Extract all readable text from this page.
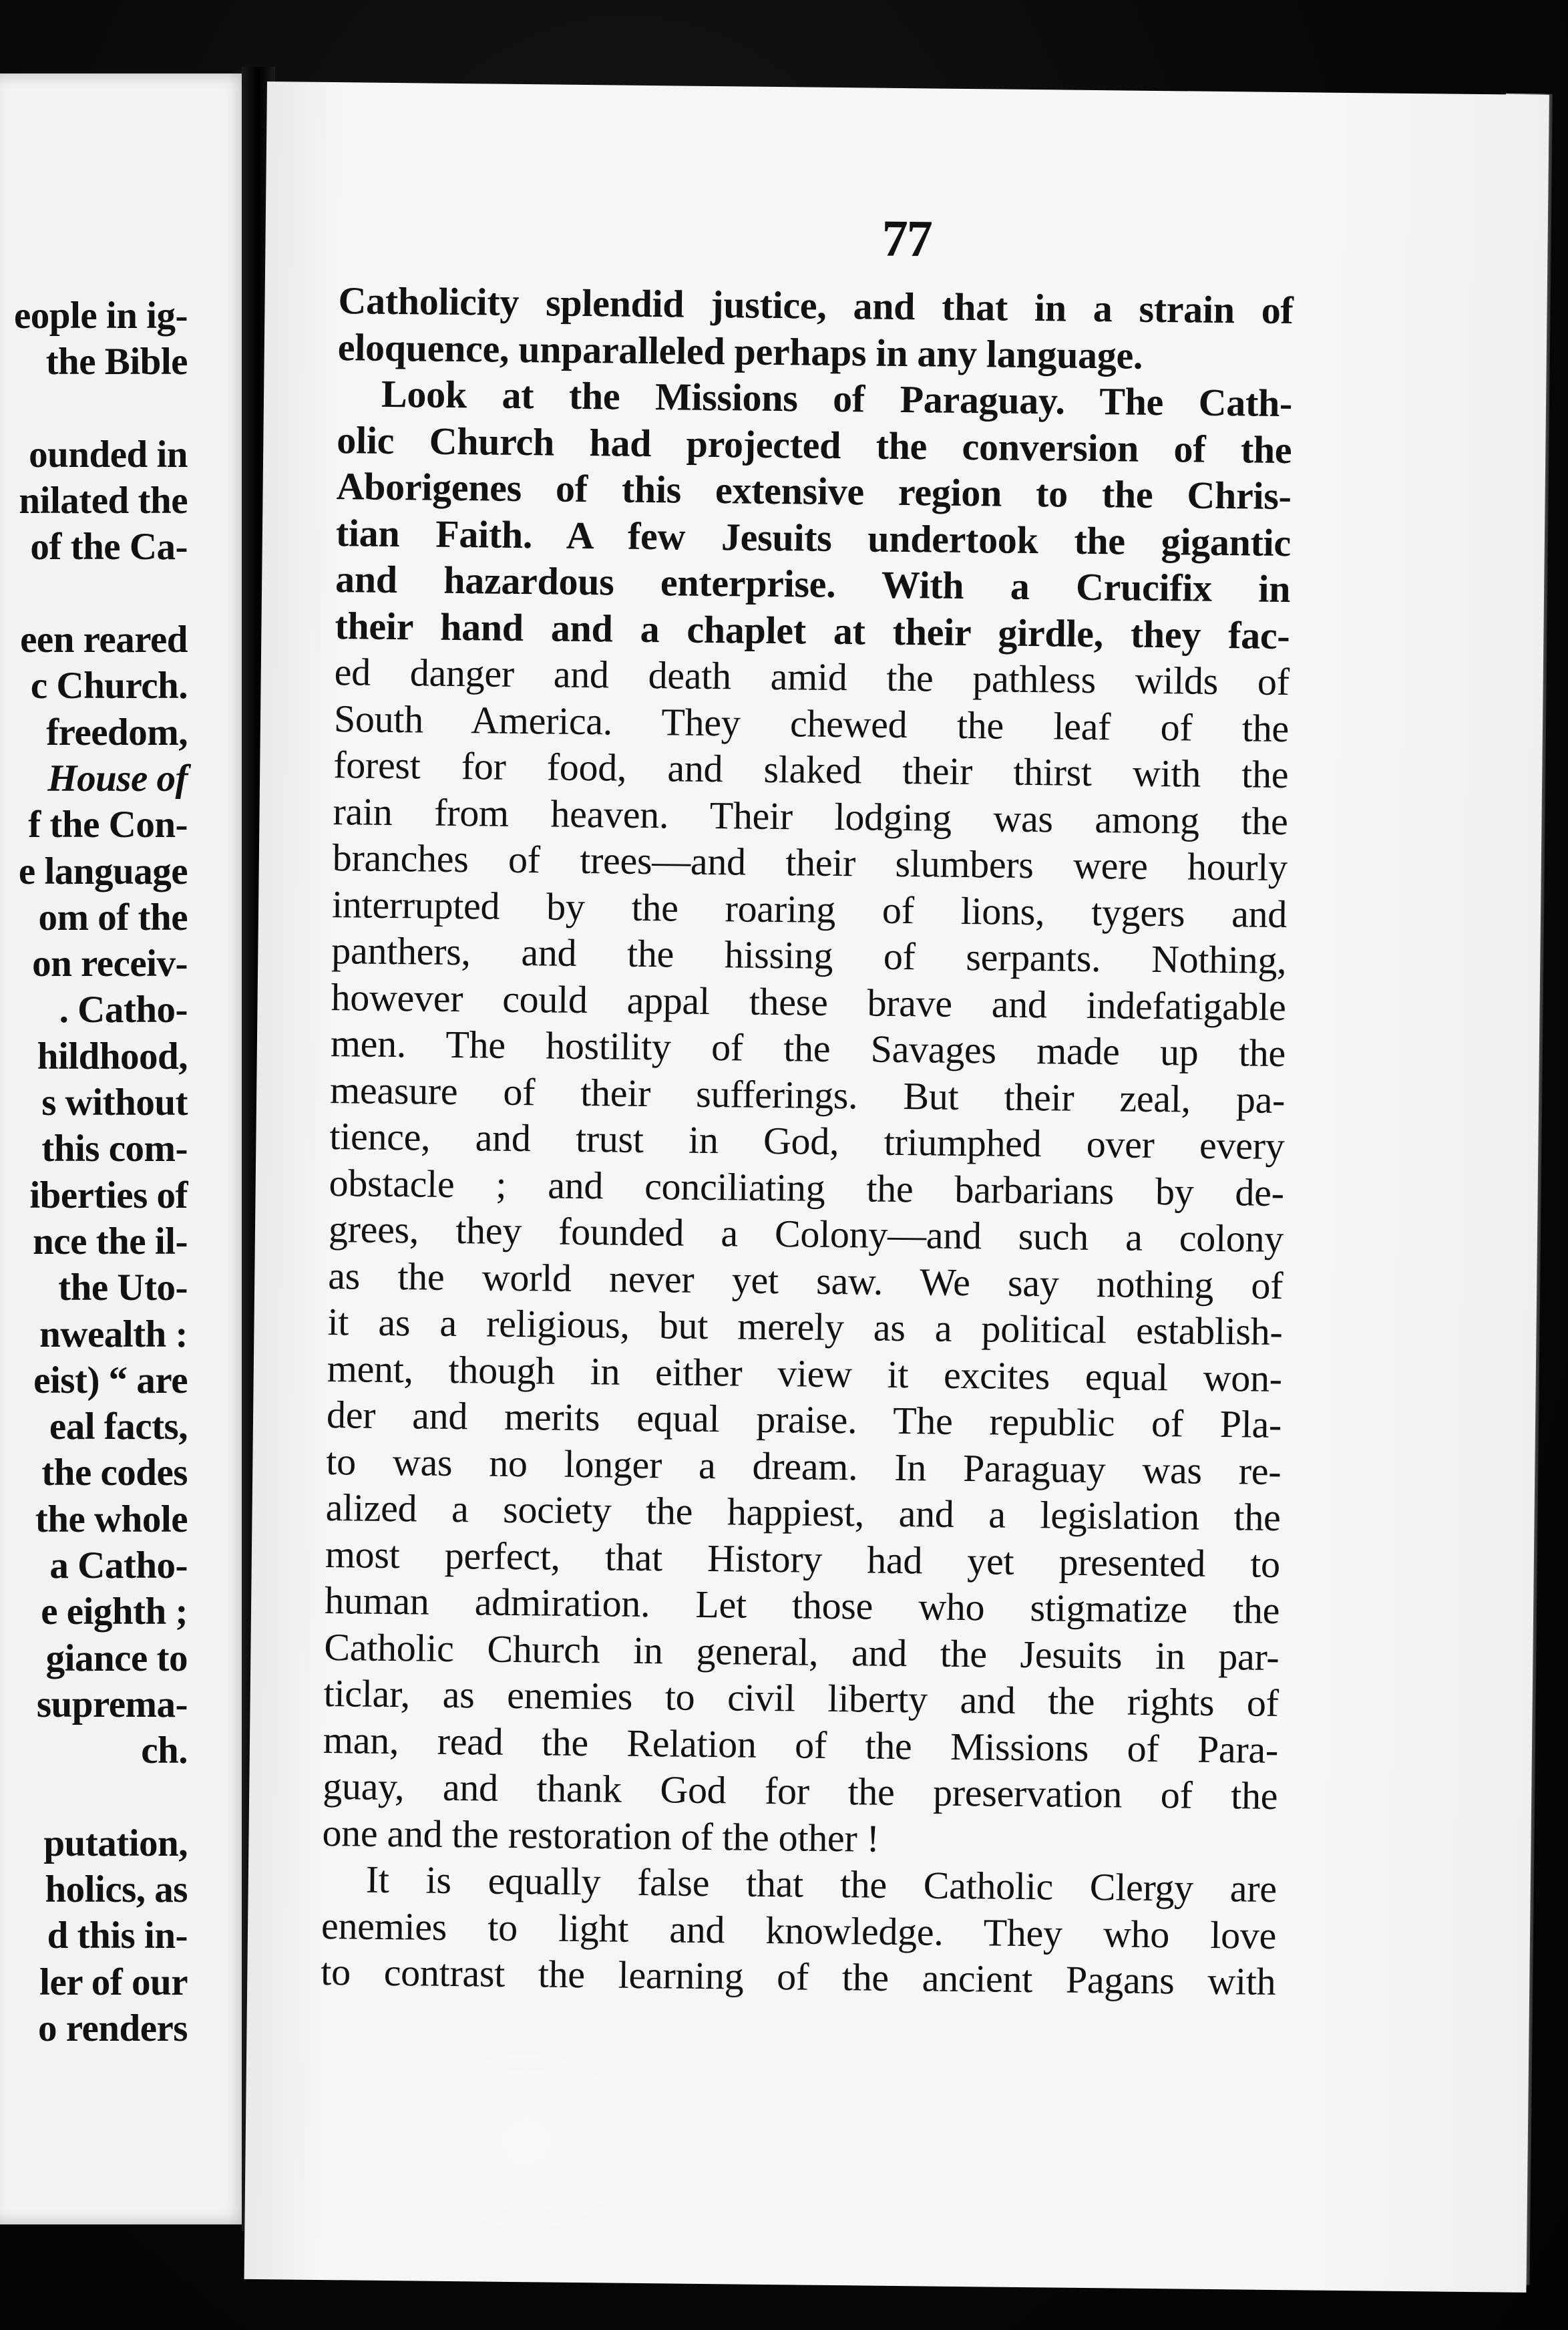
eople in ig-
the Bible
ounded in
nilated the
of the Ca-
een reared
c Church.
freedom,
House of
f the Con-
e language
om of the
on receiv-
. Catho-
hildhood,
s without
this com-
iberties of
nce the il-
the Uto-
nwealth :
eist) “ are
eal facts,
the codes
the whole
a Catho-
e eighth ;
giance to
suprema-
ch.
putation,
holics, as
d this in-
ler of our
o renders
77
Catholicity splendid justice, and that in a strain of
eloquence, unparalleled perhaps in any language.
Look at the Missions of Paraguay. The Cath-
olic Church had projected the conversion of the
Aborigenes of this extensive region to the Chris-
tian Faith. A few Jesuits undertook the gigantic
and hazardous enterprise. With a Crucifix in
their hand and a chaplet at their girdle, they fac-
ed danger and death amid the pathless wilds of
South America. They chewed the leaf of the
forest for food, and slaked their thirst with the
rain from heaven. Their lodging was among the
branches of trees—and their slumbers were hourly
interrupted by the roaring of lions, tygers and
panthers, and the hissing of serpants. Nothing,
however could appal these brave and indefatigable
men. The hostility of the Savages made up the
measure of their sufferings. But their zeal, pa-
tience, and trust in God, triumphed over every
obstacle ; and conciliating the barbarians by de-
grees, they founded a Colony—and such a colony
as the world never yet saw. We say nothing of
it as a religious, but merely as a political establish-
ment, though in either view it excites equal won-
der and merits equal praise. The republic of Pla-
to was no longer a dream. In Paraguay was re-
alized a society the happiest, and a legislation the
most perfect, that History had yet presented to
human admiration. Let those who stigmatize the
Catholic Church in general, and the Jesuits in par-
ticlar, as enemies to civil liberty and the rights of
man, read the Relation of the Missions of Para-
guay, and thank God for the preservation of the
one and the restoration of the other !
It is equally false that the Catholic Clergy are
enemies to light and knowledge. They who love
to contrast the learning of the ancient Pagans with
